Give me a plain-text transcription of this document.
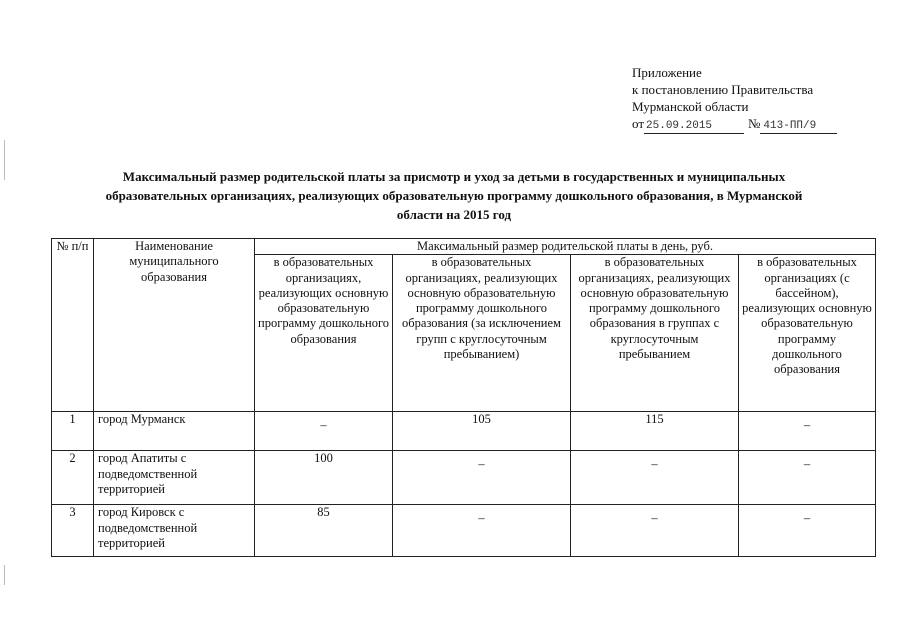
Приложение
к постановлению Правительства
Мурманской области
от 25.09.2015	№ 413-ПП/9
Максимальный размер родительской платы за присмотр и уход за детьми в государственных и муниципальных образовательных организациях, реализующих образовательную программу дошкольного образования, в Мурманской области на 2015 год
№ п/п	Наименование муниципального образования	Максимальный размер родительской платы в день, руб.			
		в образовательных организациях, реализующих основную образовательную программу дошкольного образования	в образовательных организациях, реализующих основную образовательную программу дошкольного образования (за исключением групп с круглосуточным пребыванием)	в образовательных организациях, реализующих основную образовательную программу дошкольного образования в группах с круглосуточным пребыванием	в образовательных организациях (с бассейном), реализующих основную образовательную программу дошкольного образования
1	город Мурманск	–	105	115	–
2	город Апатиты с подведомственной территорией	100	–	–	–
3	город Кировск с подведомственной территорией	85	–	–	–
